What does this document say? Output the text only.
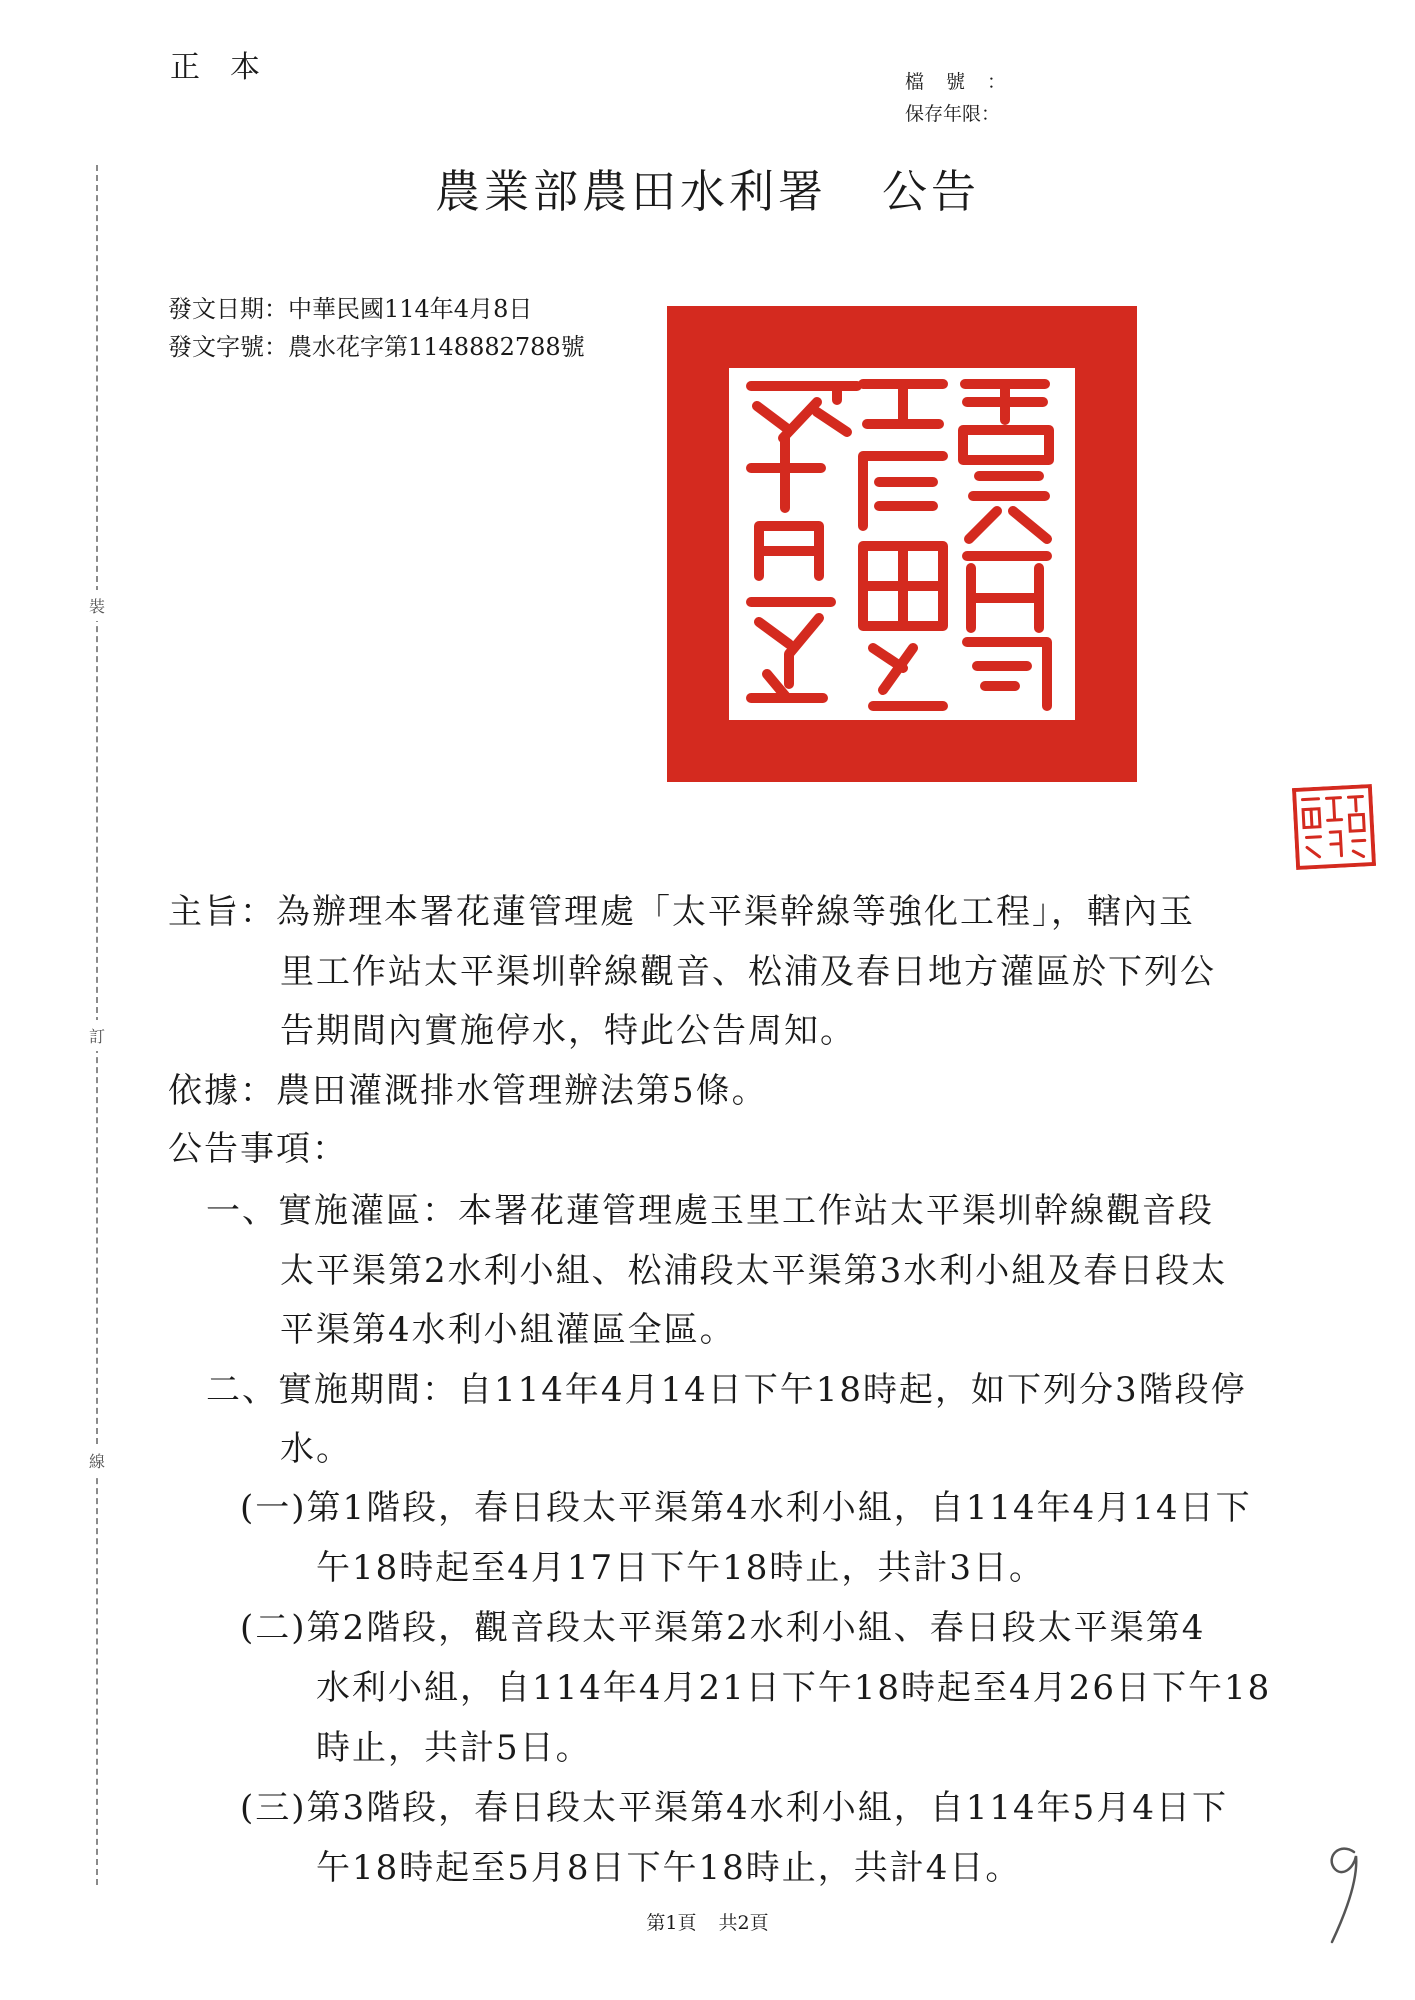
正本	檔號：
保存年限：
農業部農田水利署 公告
發文日期：中華民國114年4月8日
發文字號：農水花字第1148882788號
裝
訂
線
主旨：為辦理本署花蓮管理處「太平渠幹線等強化工程」，轄內玉
里工作站太平渠圳幹線觀音、松浦及春日地方灌區於下列公
告期間內實施停水，特此公告周知。
依據：農田灌溉排水管理辦法第5條。
公告事項：
一、實施灌區：本署花蓮管理處玉里工作站太平渠圳幹線觀音段
太平渠第2水利小組、松浦段太平渠第3水利小組及春日段太
平渠第4水利小組灌區全區。
二、實施期間：自114年4月14日下午18時起，如下列分3階段停
水。
(一)第1階段，春日段太平渠第4水利小組，自114年4月14日下
午18時起至4月17日下午18時止，共計3日。
(二)第2階段，觀音段太平渠第2水利小組、春日段太平渠第4
水利小組，自114年4月21日下午18時起至4月26日下午18
時止，共計5日。
(三)第3階段，春日段太平渠第4水利小組，自114年5月4日下
午18時起至5月8日下午18時止，共計4日。
第1頁 共2頁
